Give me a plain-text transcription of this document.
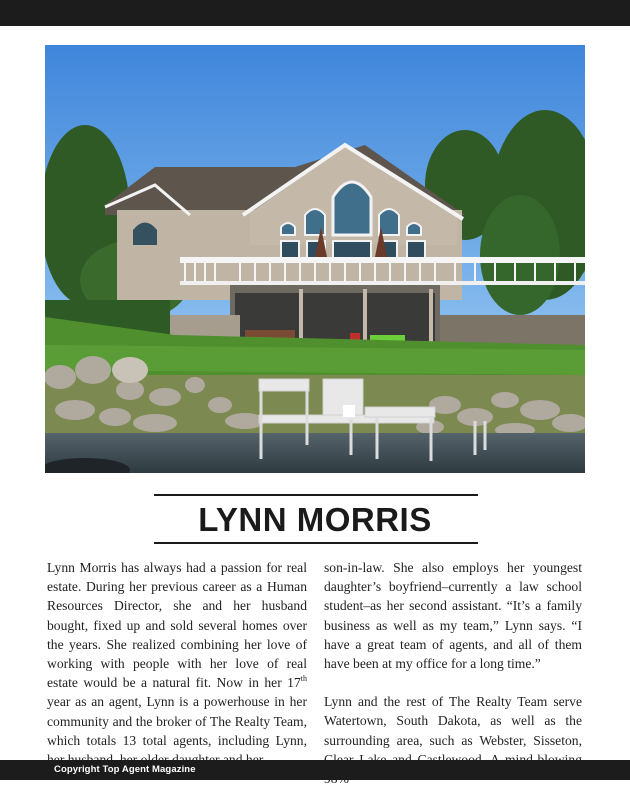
LYNN MORRIS

Lynn Morris has always had a passion for real estate. During her previous career as a Human Resources Director, she and her husband bought, fixed up and sold several homes over the years. She realized combining her love of working with people with her love of real estate would be a natural fit. Now in her 17th year as an agent, Lynn is a powerhouse in her community and the broker of The Realty Team, which totals 13 total agents, including Lynn,

son-in-law. She also employs her youngest daughter’s boyfriend–currently a law school student–as her second assistant. “It’s a family business as well as my team,” Lynn says. “I have a great team of agents, and all of them have been at my office for a long time.”

Lynn and the rest of The Realty Team serve Watertown, South Dakota, as well as the surrounding area, such as Webster, Sisseton,

Copyright Top Agent Magazine
